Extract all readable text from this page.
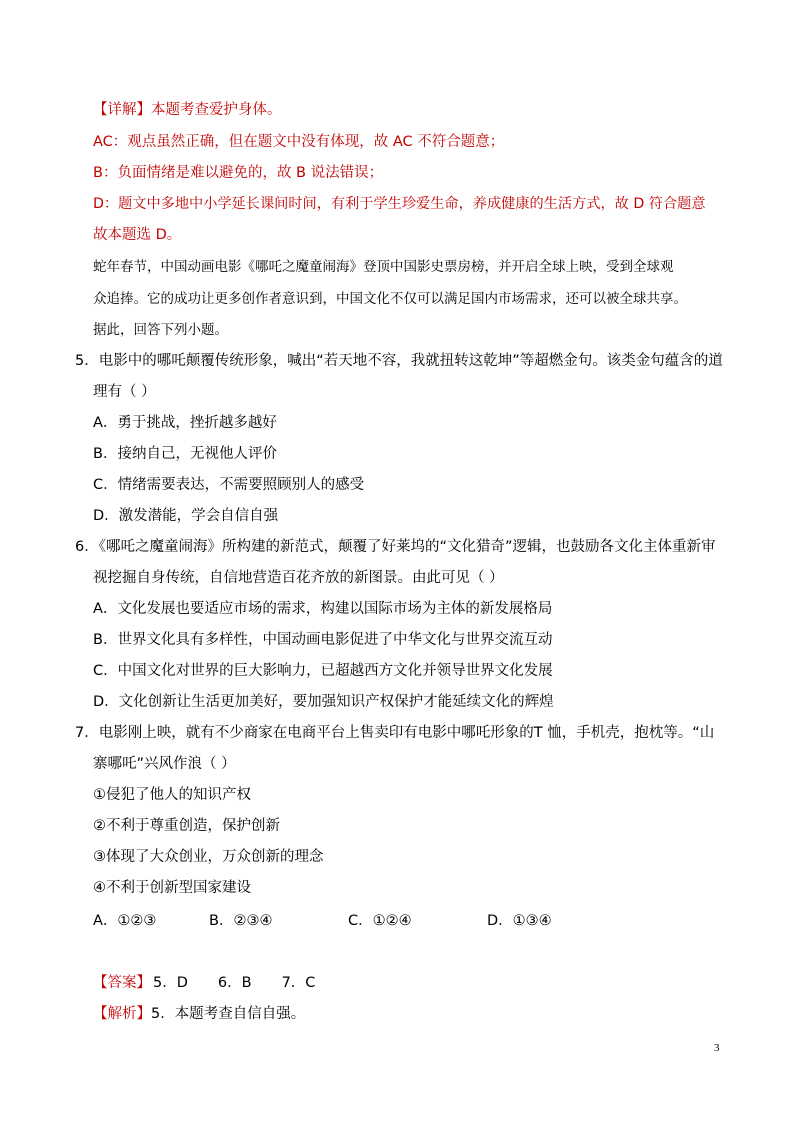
【详解】本题考查爱护身体。
AC：观点虽然正确，但在题文中没有体现，故 AC 不符合题意；
B：负面情绪是难以避免的，故 B 说法错误；
D：题文中多地中小学延长课间时间，有利于学生珍爱生命，养成健康的生活方式，故 D 符合题意
故本题选 D。
蛇年春节，中国动画电影《哪吒之魔童闹海》登顶中国影史票房榜，并开启全球上映，受到全球观
众追捧。它的成功让更多创作者意识到，中国文化不仅可以满足国内市场需求，还可以被全球共享。
据此，回答下列小题。
5．电影中的哪吒颠覆传统形象，喊出“若天地不容，我就扭转这乾坤”等超燃金句。该类金句蕴含的道
理有（ ）
A．勇于挑战，挫折越多越好
B．接纳自己，无视他人评价
C．情绪需要表达，不需要照顾别人的感受
D．激发潜能，学会自信自强
6．《哪吒之魔童闹海》所构建的新范式，颠覆了好莱坞的“文化猎奇”逻辑，也鼓励各文化主体重新审
视挖掘自身传统，自信地营造百花齐放的新图景。由此可见（ ）
A．文化发展也要适应市场的需求，构建以国际市场为主体的新发展格局
B．世界文化具有多样性，中国动画电影促进了中华文化与世界交流互动
C．中国文化对世界的巨大影响力，已超越西方文化并领导世界文化发展
D．文化创新让生活更加美好，要加强知识产权保护才能延续文化的辉煌
7．电影刚上映，就有不少商家在电商平台上售卖印有电影中哪吒形象的T 恤，手机壳，抱枕等。“山
寨哪吒”兴风作浪（ ）
①侵犯了他人的知识产权
②不利于尊重创造，保护创新
③体现了大众创业，万众创新的理念
④不利于创新型国家建设
A．①②③	B．②③④	C．①②④	D．①③④
【答案】 5．D 6．B 7．C
【解析】5．本题考查自信自强。
3
